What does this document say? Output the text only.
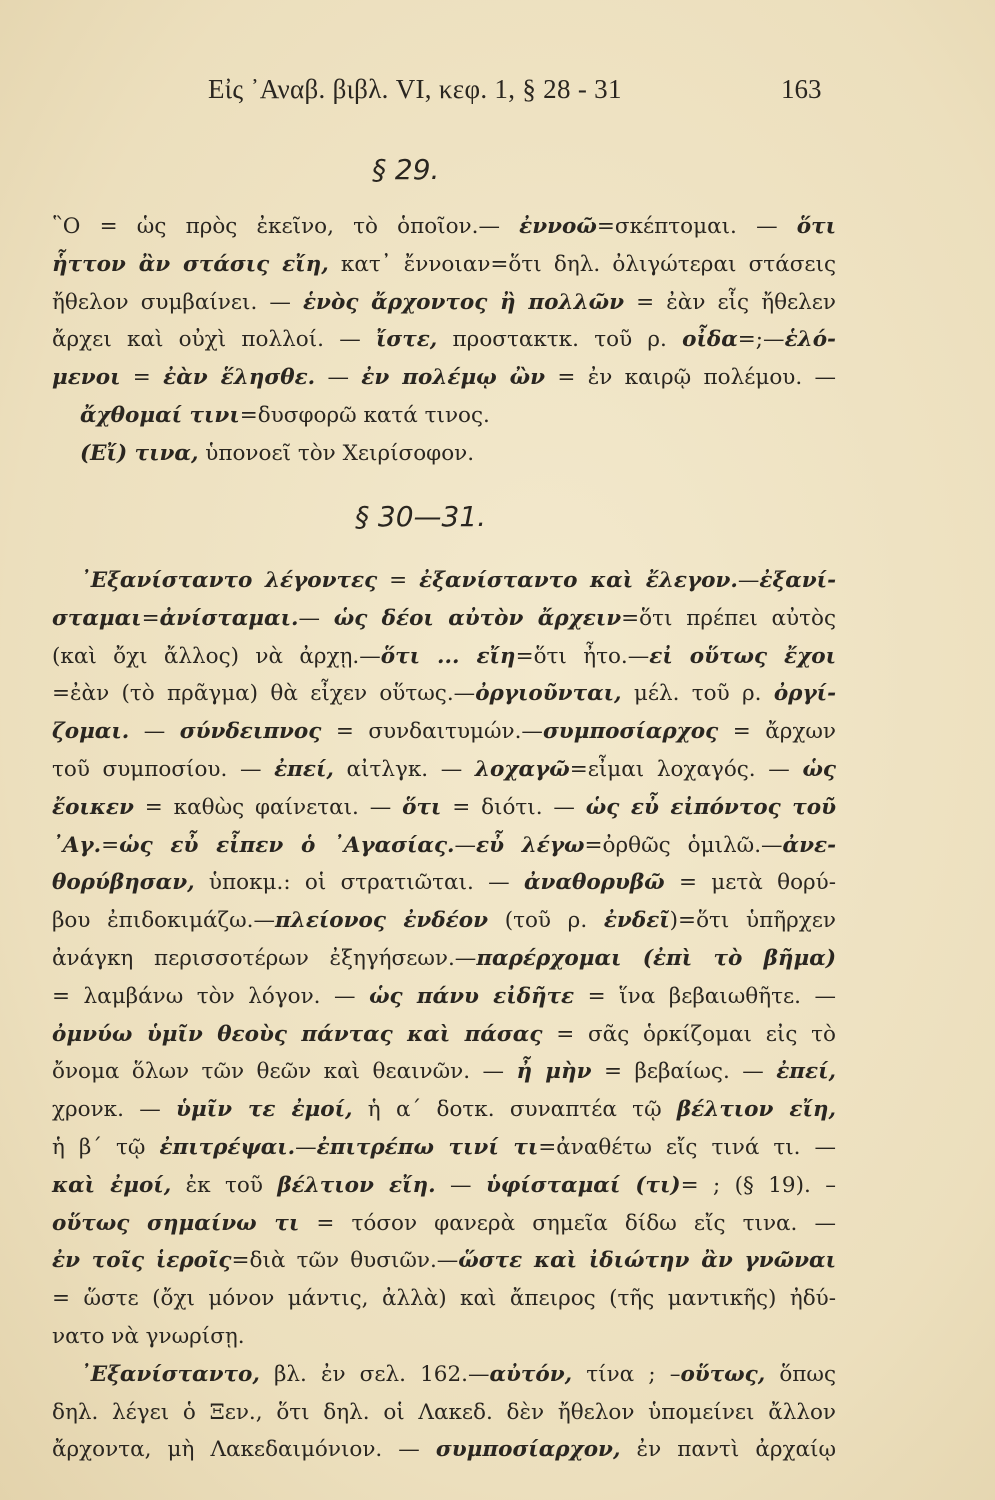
Εἰς ᾽Αναβ. βιβλ. VI, κεφ. 1, § 28 - 31	163
§ 29.
῝Ο = ὡς πρὸς ἐκεῖνο, τὸ ὁποῖον.— ἐννοῶ=σκέπτομαι. — ὅτι
ἧττον ἂν στάσις εἴη, κατ᾽ ἔννοιαν=ὅτι δηλ. ὀλιγώτεραι στάσεις
ἤθελον συμβαίνει. — ἑνὸς ἄρχοντος ἢ πολλῶν = ἐὰν εἷς ἤθελεν
ἄρχει καὶ οὐχὶ πολλοί. — ἴστε, προστακτκ. τοῦ ρ. οἶδα=;—ἑλό-
μενοι = ἐὰν ἕλησθε. — ἐν πολέμῳ ὢν = ἐν καιρῷ πολέμου. —
ἄχθομαί τινι=δυσφορῶ κατά τινος.
(Εἴ) τινα, ὑπονοεῖ τὸν Χειρίσοφον.
§ 30—31.
᾽Εξανίσταντο λέγοντες = ἐξανίσταντο καὶ ἔλεγον.—ἐξανί-
σταμαι=ἀνίσταμαι.— ὡς δέοι αὐτὸν ἄρχειν=ὅτι πρέπει αὐτὸς
(καὶ ὄχι ἄλλος) νὰ ἀρχῃ.—ὅτι ... εἴη=ὅτι ἦτο.—εἰ οὕτως ἔχοι
=ἐὰν (τὸ πρᾶγμα) θὰ εἶχεν οὕτως.—ὀργιοῦνται, μέλ. τοῦ ρ. ὀργί-
ζομαι. — σύνδειπνος = συνδαιτυμών.—συμποσίαρχος = ἄρχων
τοῦ συμποσίου. — ἐπεί, αἰτλγκ. — λοχαγῶ=εἶμαι λοχαγός. — ὡς
ἔοικεν = καθὼς φαίνεται. — ὅτι = διότι. — ὡς εὖ εἰπόντος τοῦ
᾽Αγ.=ὡς εὖ εἶπεν ὁ ᾽Αγασίας.—εὖ λέγω=ὀρθῶς ὁμιλῶ.—ἀνε-
θορύβησαν, ὑποκμ.: οἱ στρατιῶται. — ἀναθορυβῶ = μετὰ θορύ-
βου ἐπιδοκιμάζω.—πλείονος ἐνδέον (τοῦ ρ. ἐνδεῖ)=ὅτι ὑπῆρχεν
ἀνάγκη περισσοτέρων ἐξηγήσεων.—παρέρχομαι (ἐπὶ τὸ βῆμα)
= λαμβάνω τὸν λόγον. — ὡς πάνυ εἰδῆτε = ἵνα βεβαιωθῆτε. —
ὀμνύω ὑμῖν θεοὺς πάντας καὶ πάσας = σᾶς ὁρκίζομαι εἰς τὸ
ὄνομα ὅλων τῶν θεῶν καὶ θεαινῶν. — ἦ μὴν = βεβαίως. — ἐπεί,
χρονκ. — ὑμῖν τε ἐμοί, ἡ α´ δοτκ. συναπτέα τῷ βέλτιον εἴη,
ἡ β´ τῷ ἐπιτρέψαι.—ἐπιτρέπω τινί τι=ἀναθέτω εἴς τινά τι. —
καὶ ἐμοί, ἐκ τοῦ βέλτιον εἴη. — ὑφίσταμαί (τι)= ; (§ 19). –
οὕτως σημαίνω τι = τόσον φανερὰ σημεῖα δίδω εἴς τινα. —
ἐν τοῖς ἱεροῖς=διὰ τῶν θυσιῶν.—ὥστε καὶ ἰδιώτην ἂν γνῶναι
= ὥστε (ὄχι μόνον μάντις, ἀλλὰ) καὶ ἄπειρος (τῆς μαντικῆς) ἠδύ-
νατο νὰ γνωρίσῃ.
᾽Εξανίσταντο, βλ. ἐν σελ. 162.—αὐτόν, τίνα ; –οὕτως, ὅπως
δηλ. λέγει ὁ Ξεν., ὅτι δηλ. οἱ Λακεδ. δὲν ἤθελον ὑπομείνει ἄλλον
ἄρχοντα, μὴ Λακεδαιμόνιον. — συμποσίαρχον, ἐν παντὶ ἀρχαίῳ
